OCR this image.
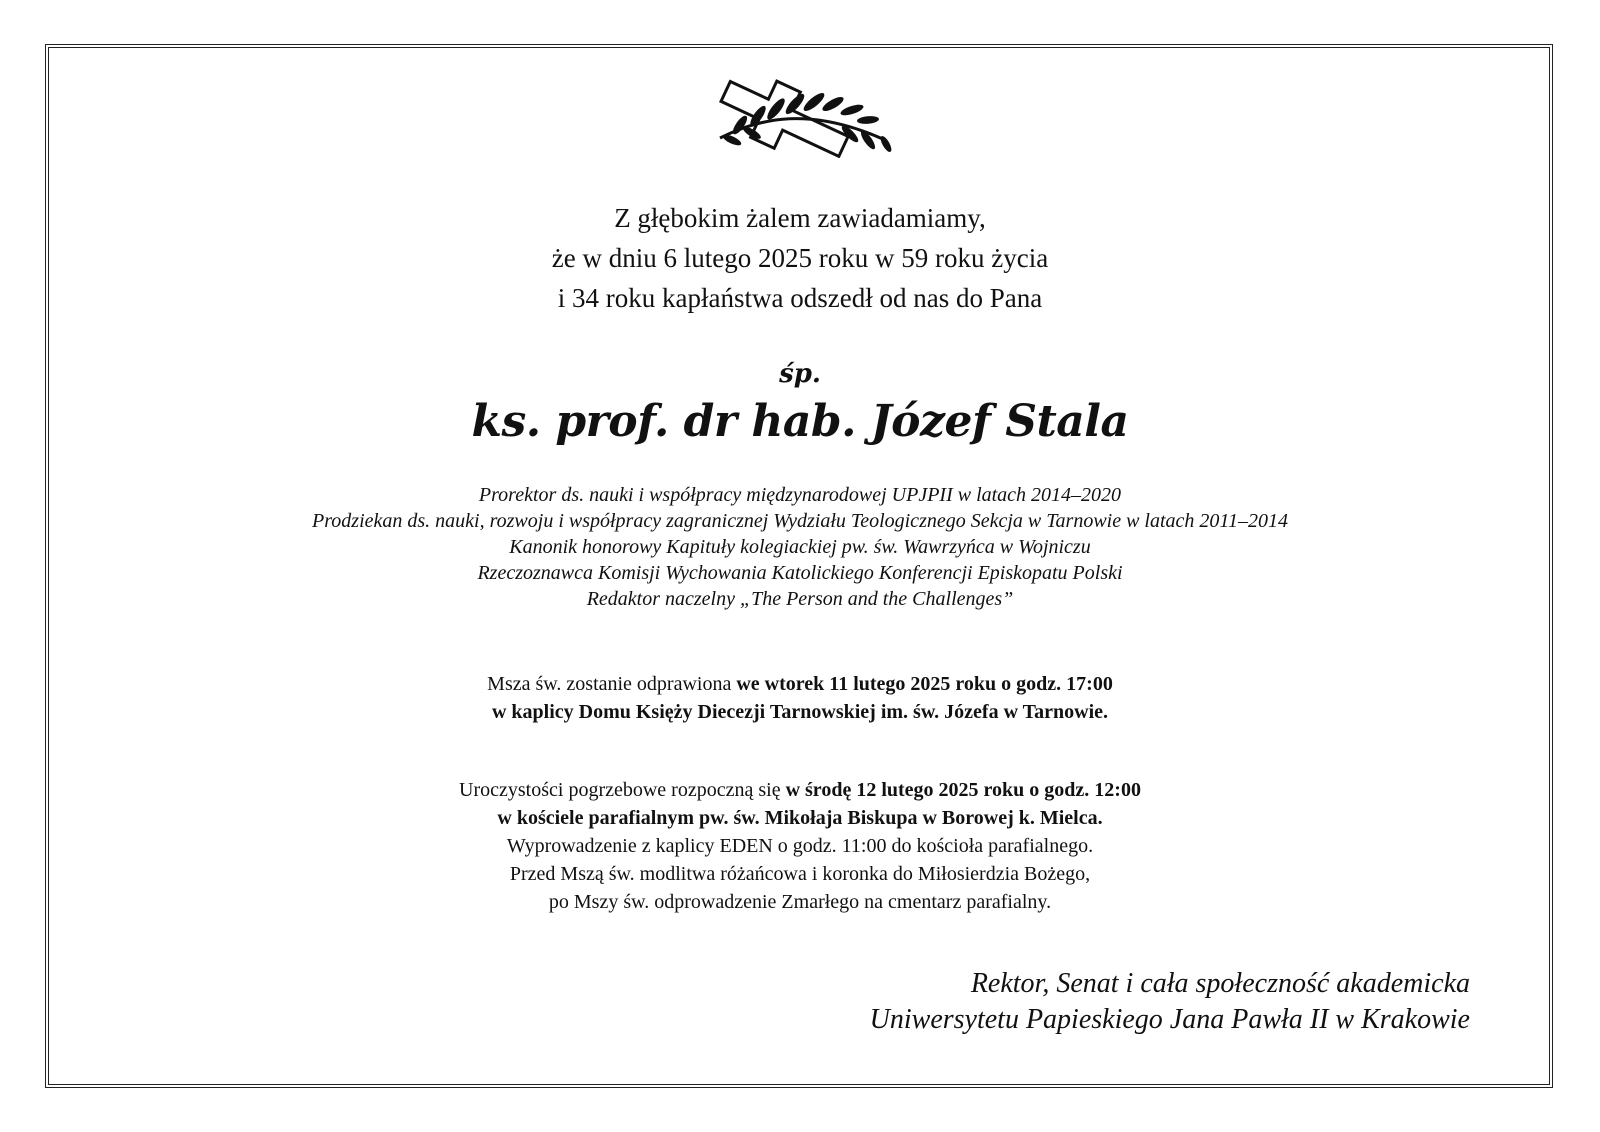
Z głębokim żalem zawiadamiamy,
że w dniu 6 lutego 2025 roku w 59 roku życia
i 34 roku kapłaństwa odszedł od nas do Pana
śp.
ks. prof. dr hab. Józef Stala
Prorektor ds. nauki i współpracy międzynarodowej UPJPII w latach 2014–2020
Prodziekan ds. nauki, rozwoju i współpracy zagranicznej Wydziału Teologicznego Sekcja w Tarnowie w latach 2011–2014
Kanonik honorowy Kapituły kolegiackiej pw. św. Wawrzyńca w Wojniczu
Rzeczoznawca Komisji Wychowania Katolickiego Konferencji Episkopatu Polski
Redaktor naczelny „The Person and the Challenges”
Msza św. zostanie odprawiona we wtorek 11 lutego 2025 roku o godz. 17:00
w kaplicy Domu Księży Diecezji Tarnowskiej im. św. Józefa w Tarnowie.
Uroczystości pogrzebowe rozpoczną się w środę 12 lutego 2025 roku o godz. 12:00
w kościele parafialnym pw. św. Mikołaja Biskupa w Borowej k. Mielca.
Wyprowadzenie z kaplicy EDEN o godz. 11:00 do kościoła parafialnego.
Przed Mszą św. modlitwa różańcowa i koronka do Miłosierdzia Bożego,
po Mszy św. odprowadzenie Zmarłego na cmentarz parafialny.
Rektor, Senat i cała społeczność akademicka
Uniwersytetu Papieskiego Jana Pawła II w Krakowie
